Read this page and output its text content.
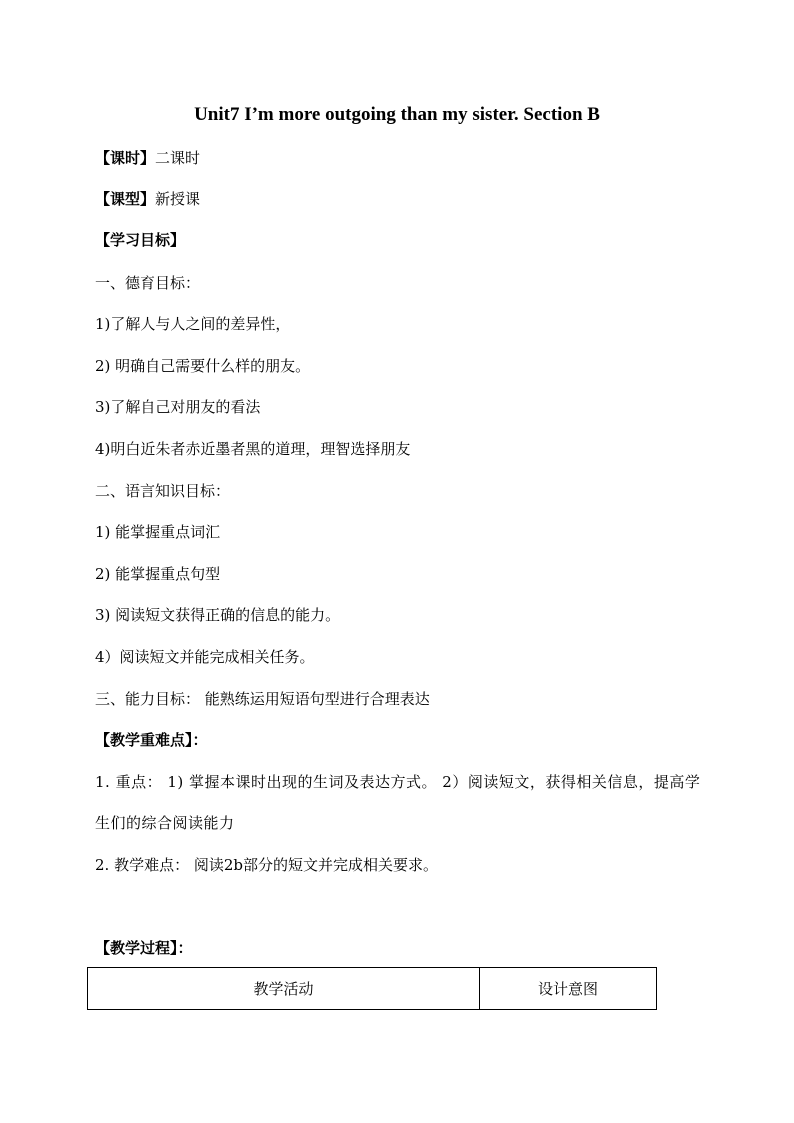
Unit7 I’m more outgoing than my sister. Section B
【课时】二课时
【课型】新授课
【学习目标】
一、德育目标：
1)了解人与人之间的差异性，
2) 明确自己需要什么样的朋友。
3)了解自己对朋友的看法
4)明白近朱者赤近墨者黑的道理，理智选择朋友
二、语言知识目标：
1) 能掌握重点词汇
2) 能掌握重点句型
3) 阅读短文获得正确的信息的能力。
4）阅读短文并能完成相关任务。
三、能力目标： 能熟练运用短语句型进行合理表达
【教学重难点】：
1. 重点： 1) 掌握本课时出现的生词及表达方式。 2）阅读短文，获得相关信息，提高学生们的综合阅读能力
2. 教学难点： 阅读2b部分的短文并完成相关要求。
【教学过程】：
教学活动	设计意图
